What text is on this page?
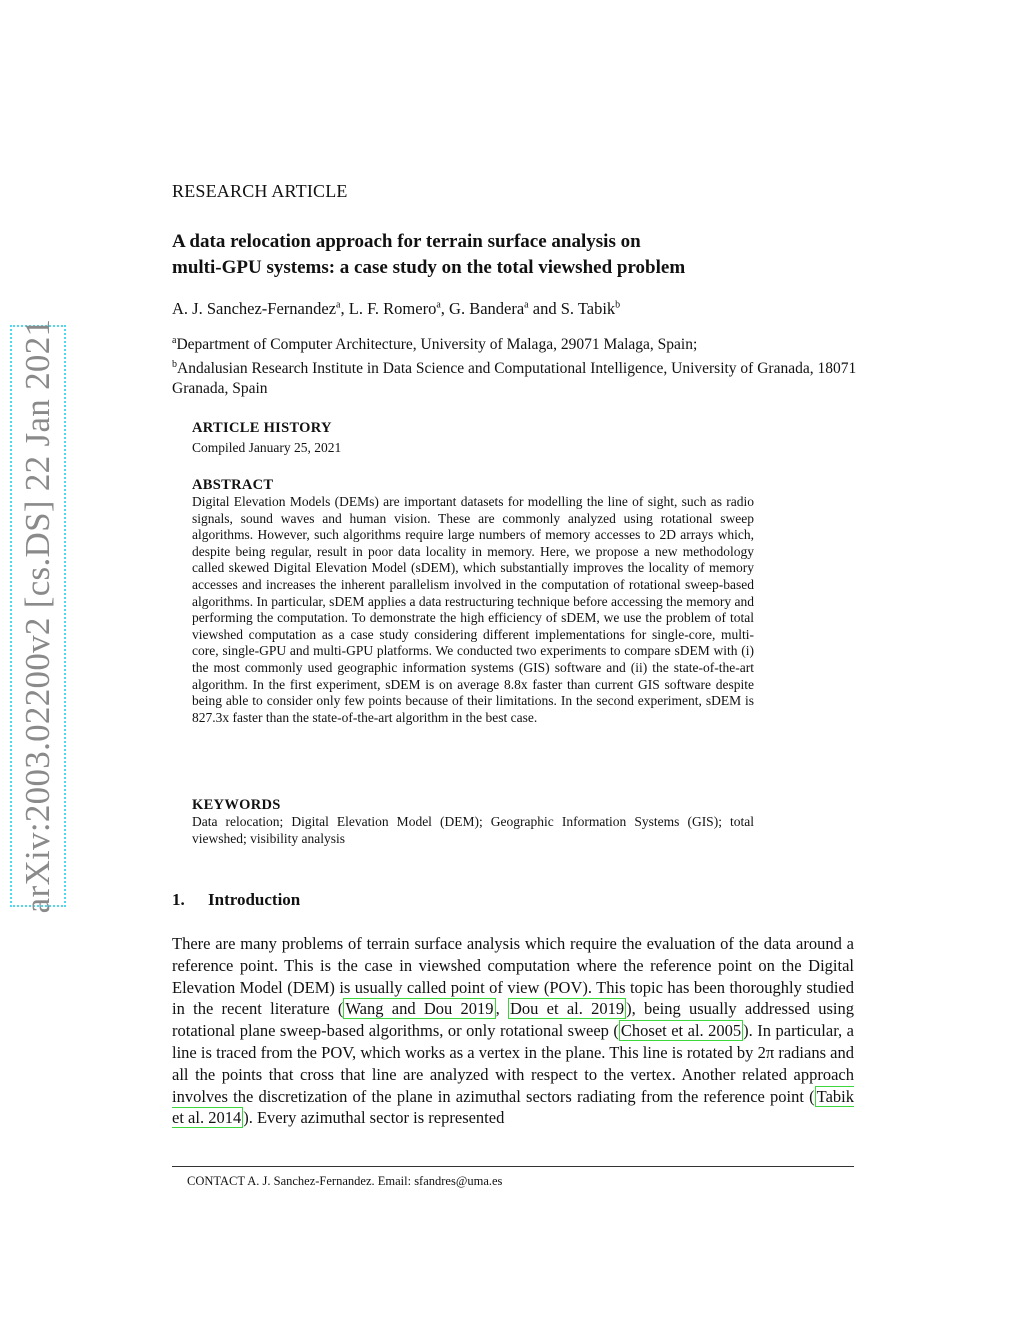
arXiv:2003.02200v2 [cs.DS] 22 Jan 2021
RESEARCH ARTICLE
A data relocation approach for terrain surface analysis on
multi-GPU systems: a case study on the total viewshed problem
A. J. Sanchez-Fernandez$^a$, L. F. Romero$^a$, G. Bandera$^a$ and S. Tabik$^b$
$^a$Department of Computer Architecture, University of Malaga, 29071 Malaga, Spain;
$^b$Andalusian Research Institute in Data Science and Computational Intelligence, University of Granada, 18071 Granada, Spain
ARTICLE HISTORY
Compiled January 25, 2021
ABSTRACT
Digital Elevation Models (DEMs) are important datasets for modelling the line of sight, such as radio signals, sound waves and human vision. These are commonly analyzed using rotational sweep algorithms. However, such algorithms require large numbers of memory accesses to 2D arrays which, despite being regular, result in poor data locality in memory. Here, we propose a new methodology called skewed Digital Elevation Model (sDEM), which substantially improves the locality of memory accesses and increases the inherent parallelism involved in the computation of rotational sweep-based algorithms. In particular, sDEM applies a data restructuring technique before accessing the memory and performing the computation. To demonstrate the high efficiency of sDEM, we use the problem of total viewshed computation as a case study considering different implementations for single-core, multi-core, single-GPU and multi-GPU platforms. We conducted two experiments to compare sDEM with (i) the most commonly used geographic information systems (GIS) software and (ii) the state-of-the-art algorithm. In the first experiment, sDEM is on average 8.8x faster than current GIS software despite being able to consider only few points because of their limitations. In the second experiment, sDEM is 827.3x faster than the state-of-the-art algorithm in the best case.
KEYWORDS
Data relocation; Digital Elevation Model (DEM); Geographic Information Systems (GIS); total viewshed; visibility analysis
1. Introduction
There are many problems of terrain surface analysis which require the evaluation of the data around a reference point. This is the case in viewshed computation where the reference point on the Digital Elevation Model (DEM) is usually called point of view (POV). This topic has been thoroughly studied in the recent literature ( Wang and Dou 2019 , Dou et al. 2019 ), being usually addressed using rotational plane sweep-based algorithms, or only rotational sweep ( Choset et al. 2005 ). In particular, a line is traced from the POV, which works as a vertex in the plane. This line is rotated by 2π radians and all the points that cross that line are analyzed with respect to the vertex. Another related approach involves the discretization of the plane in azimuthal sectors radiating from the reference point ( Tabik et al. 2014 ). Every azimuthal sector is represented
CONTACT A. J. Sanchez-Fernandez. Email: sfandres@uma.es
